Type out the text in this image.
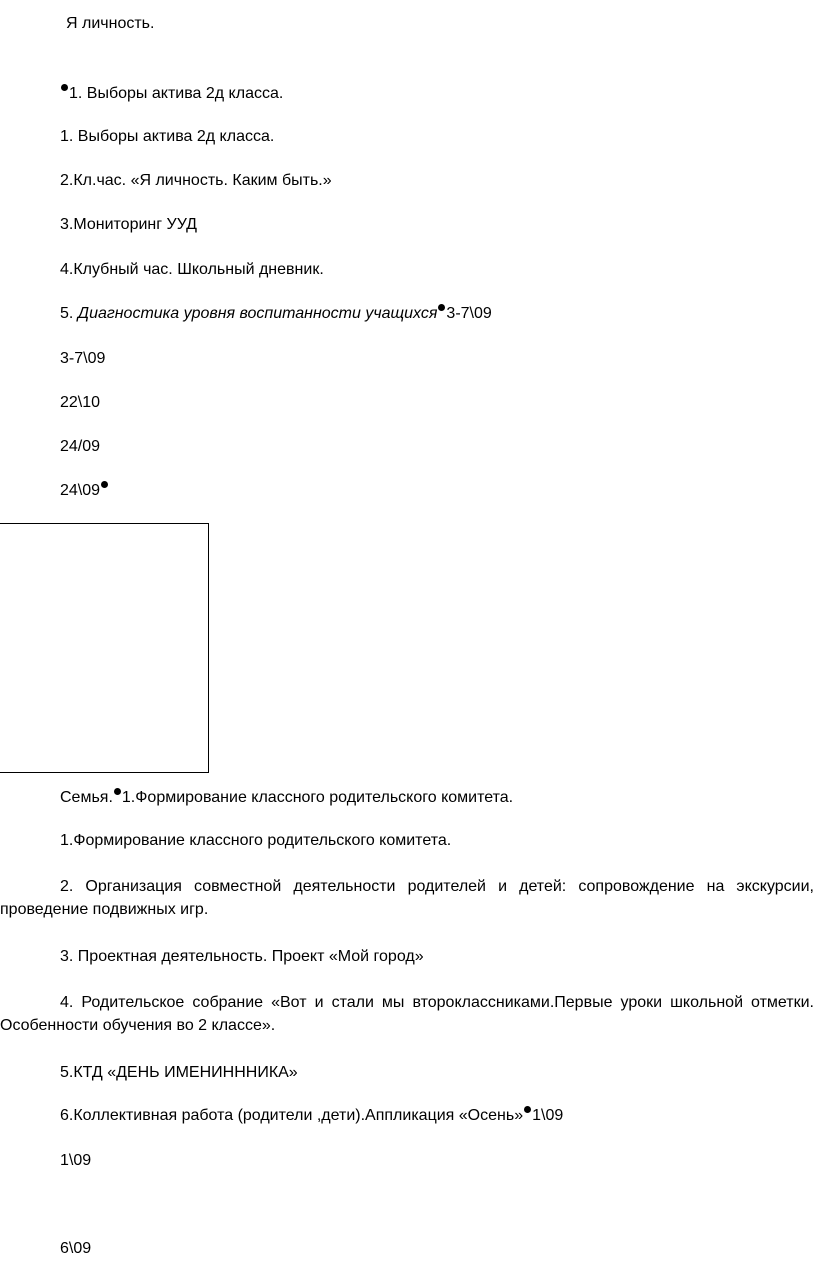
Я личность.
1. Выборы актива 2д класса.
1. Выборы актива 2д класса.
2.Кл.час. «Я личность. Каким быть.»
3.Мониторинг УУД
4.Клубный час. Школьный дневник.
5. Диагностика уровня воспитанности учащихся 3-7\09
3-7\09
22\10
24/09
24\09
Семья. 1.Формирование классного родительского комитета.
1.Формирование классного родительского комитета.
2. Организация совместной деятельности родителей и детей: сопровождение на экскурсии, проведение подвижных игр.
3. Проектная деятельность. Проект «Мой город»
4. Родительское собрание «Вот и стали мы второклассниками.Первые уроки школьной отметки. Особенности обучения во 2 классе».
5.КТД «ДЕНЬ ИМЕНИНННИКА»
6.Коллективная работа (родители ,дети).Аппликация «Осень» 1\09
1\09
6\09
